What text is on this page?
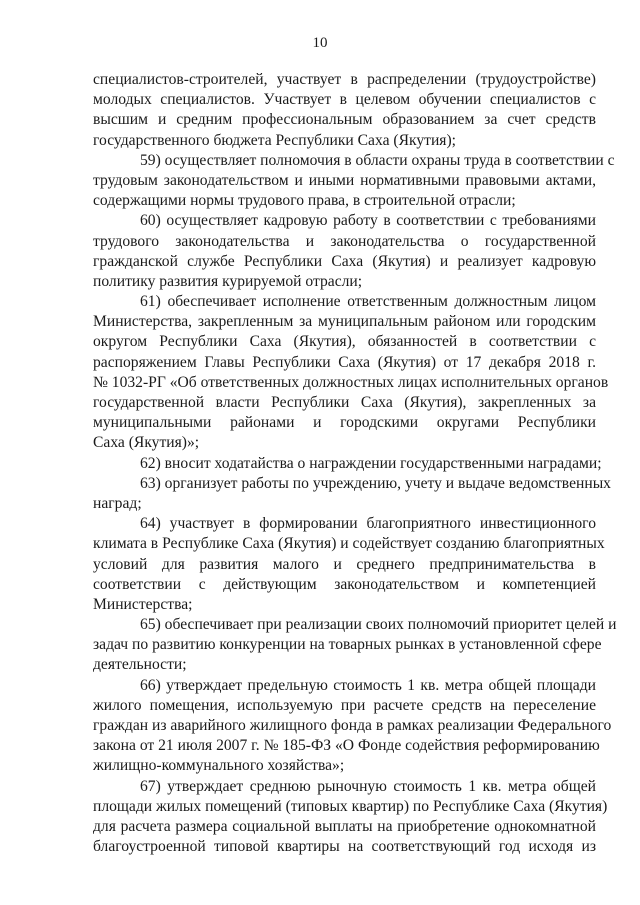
10
специалистов-строителей, участвует в распределении (трудоустройстве)
молодых специалистов. Участвует в целевом обучении специалистов с
высшим и средним профессиональным образованием за счет средств
государственного бюджета Республики Саха (Якутия);
59) осуществляет полномочия в области охраны труда в соответствии с
трудовым законодательством и иными нормативными правовыми актами,
содержащими нормы трудового права, в строительной отрасли;
60) осуществляет кадровую работу в соответствии с требованиями
трудового законодательства и законодательства о государственной
гражданской службе Республики Саха (Якутия) и реализует кадровую
политику развития курируемой отрасли;
61) обеспечивает исполнение ответственным должностным лицом
Министерства, закрепленным за муниципальным районом или городским
округом Республики Саха (Якутия), обязанностей в соответствии с
распоряжением Главы Республики Саха (Якутия) от 17 декабря 2018 г.
№ 1032-РГ «Об ответственных должностных лицах исполнительных органов
государственной власти Республики Саха (Якутия), закрепленных за
муниципальными районами и городскими округами Республики
Саха (Якутия)»;
62) вносит ходатайства о награждении государственными наградами;
63) организует работы по учреждению, учету и выдаче ведомственных
наград;
64) участвует в формировании благоприятного инвестиционного
климата в Республике Саха (Якутия) и содействует созданию благоприятных
условий для развития малого и среднего предпринимательства в
соответствии с действующим законодательством и компетенцией
Министерства;
65) обеспечивает при реализации своих полномочий приоритет целей и
задач по развитию конкуренции на товарных рынках в установленной сфере
деятельности;
66) утверждает предельную стоимость 1 кв. метра общей площади
жилого помещения, используемую при расчете средств на переселение
граждан из аварийного жилищного фонда в рамках реализации Федерального
закона от 21 июля 2007 г. № 185-ФЗ «О Фонде содействия реформированию
жилищно-коммунального хозяйства»;
67) утверждает среднюю рыночную стоимость 1 кв. метра общей
площади жилых помещений (типовых квартир) по Республике Саха (Якутия)
для расчета размера социальной выплаты на приобретение однокомнатной
благоустроенной типовой квартиры на соответствующий год исходя из
